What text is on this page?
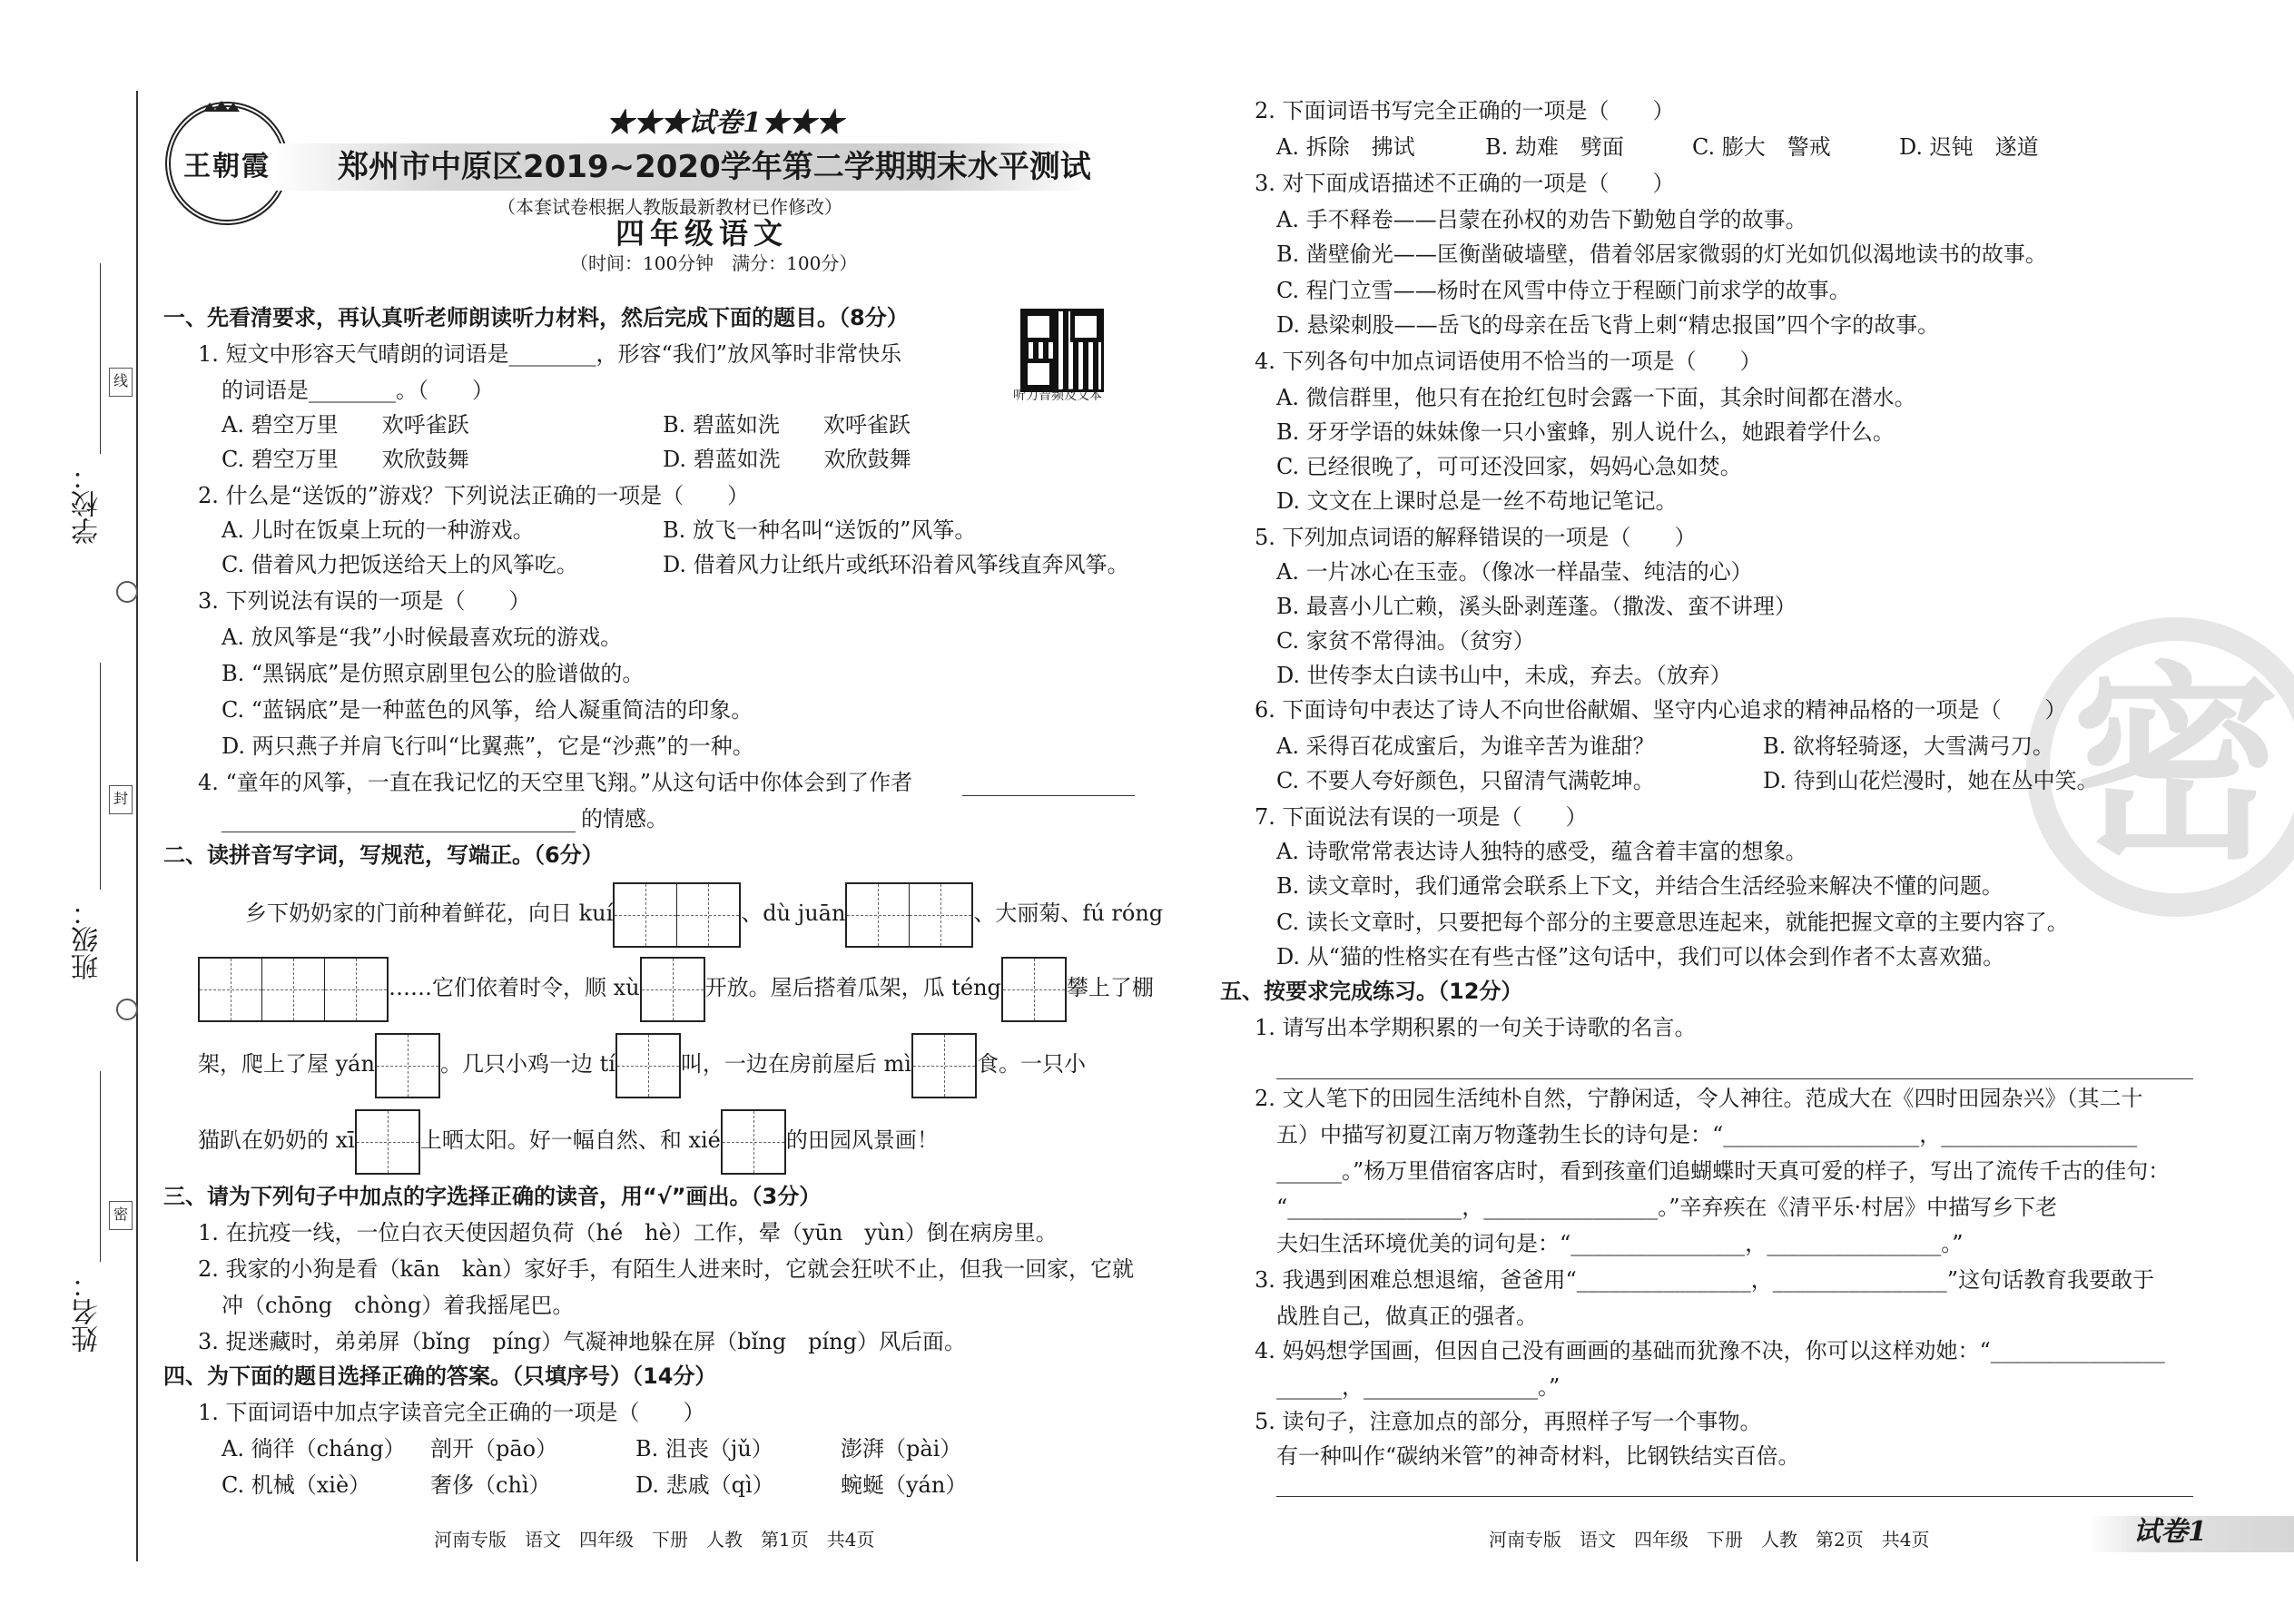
学校：
班级：
姓名：
线
封
密
王朝霞
★★★试卷1★★★
郑州市中原区2019~2020学年第二学期期末水平测试
（本套试卷根据人教版最新教材已作修改）
四年级语文
（时间：100分钟　满分：100分）
听力音频及文本
一、先看清要求，再认真听老师朗读听力材料，然后完成下面的题目。（8分）
1. 短文中形容天气晴朗的词语是________，形容“我们”放风筝时非常快乐
的词语是________。（　　）
A. 碧空万里　　欢呼雀跃	B. 碧蓝如洗　　欢呼雀跃
C. 碧空万里　　欢欣鼓舞	D. 碧蓝如洗　　欢欣鼓舞
2. 什么是“送饭的”游戏？下列说法正确的一项是（　　）
A. 儿时在饭桌上玩的一种游戏。	B. 放飞一种名叫“送饭的”风筝。
C. 借着风力把饭送给天上的风筝吃。	D. 借着风力让纸片或纸环沿着风筝线直奔风筝。
3. 下列说法有误的一项是（　　）
A. 放风筝是“我”小时候最喜欢玩的游戏。
B. “黑锅底”是仿照京剧里包公的脸谱做的。
C. “蓝锅底”是一种蓝色的风筝，给人凝重简洁的印象。
D. 两只燕子并肩飞行叫“比翼燕”，它是“沙燕”的一种。
4. “童年的风筝，一直在我记忆的天空里飞翔。”从这句话中你体会到了作者
的情感。
二、读拼音写字词，写规范，写端正。（6分）
乡下奶奶家的门前种着鲜花，向日 kuí	、dù juān	、大丽菊、fú róng
……它们依着时令，顺 xù	开放。屋后搭着瓜架，瓜 téng	攀上了棚
架，爬上了屋 yán	。几只小鸡一边 tí	叫，一边在房前屋后 mì	食。一只小
猫趴在奶奶的 xī	上晒太阳。好一幅自然、和 xié	的田园风景画！
三、请为下列句子中加点的字选择正确的读音，用“√”画出。（3分）
1. 在抗疫一线，一位白衣天使因超负荷（hé　hè）工作，晕（yūn　yùn）倒在病房里。
2. 我家的小狗是看（kān　kàn）家好手，有陌生人进来时，它就会狂吠不止，但我一回家，它就
冲（chōng　chòng）着我摇尾巴。
3. 捉迷藏时，弟弟屏（bǐng　píng）气凝神地躲在屏（bǐng　píng）风后面。
四、为下面的题目选择正确的答案。（只填序号）（14分）
1. 下面词语中加点字读音完全正确的一项是（　　）
A. 徜徉（cháng） 剖开（pāo）	B. 沮丧（jǔ）	澎湃（pài）
C. 机械（xiè）	奢侈（chì）	D. 悲戚（qì）	蜿蜒（yán）
河南专版　语文　四年级　下册　人教　第1页　共4页
密
2. 下面词语书写完全正确的一项是（　　）
A. 拆除　拂试	B. 劫难　劈面	C. 膨大　警戒	D. 迟钝　遂道
3. 对下面成语描述不正确的一项是（　　）
A. 手不释卷——吕蒙在孙权的劝告下勤勉自学的故事。
B. 凿壁偷光——匡衡凿破墙壁，借着邻居家微弱的灯光如饥似渴地读书的故事。
C. 程门立雪——杨时在风雪中侍立于程颐门前求学的故事。
D. 悬梁刺股——岳飞的母亲在岳飞背上刺“精忠报国”四个字的故事。
4. 下列各句中加点词语使用不恰当的一项是（　　）
A. 微信群里，他只有在抢红包时会露一下面，其余时间都在潜水。
B. 牙牙学语的妹妹像一只小蜜蜂，别人说什么，她跟着学什么。
C. 已经很晚了，可可还没回家，妈妈心急如焚。
D. 文文在上课时总是一丝不苟地记笔记。
5. 下列加点词语的解释错误的一项是（　　）
A. 一片冰心在玉壶。（像冰一样晶莹、纯洁的心）
B. 最喜小儿亡赖，溪头卧剥莲蓬。（撒泼、蛮不讲理）
C. 家贫不常得油。（贫穷）
D. 世传李太白读书山中，未成，弃去。（放弃）
6. 下面诗句中表达了诗人不向世俗献媚、坚守内心追求的精神品格的一项是（　　）
A. 采得百花成蜜后，为谁辛苦为谁甜？	B. 欲将轻骑逐，大雪满弓刀。
C. 不要人夸好颜色，只留清气满乾坤。	D. 待到山花烂漫时，她在丛中笑。
7. 下面说法有误的一项是（　　）
A. 诗歌常常表达诗人独特的感受，蕴含着丰富的想象。
B. 读文章时，我们通常会联系上下文，并结合生活经验来解决不懂的问题。
C. 读长文章时，只要把每个部分的主要意思连起来，就能把握文章的主要内容了。
D. 从“猫的性格实在有些古怪”这句话中，我们可以体会到作者不太喜欢猫。
五、按要求完成练习。（12分）
1. 请写出本学期积累的一句关于诗歌的名言。
2. 文人笔下的田园生活纯朴自然，宁静闲适，令人神往。范成大在《四时田园杂兴》（其二十
五）中描写初夏江南万物蓬勃生长的诗句是：“__________________，__________________
______。”杨万里借宿客店时，看到孩童们追蝴蝶时天真可爱的样子，写出了流传千古的佳句：
“________________，________________。”辛弃疾在《清平乐·村居》中描写乡下老
夫妇生活环境优美的词句是：“________________，________________。”
3. 我遇到困难总想退缩，爸爸用“________________，________________”这句话教育我要敢于
战胜自己，做真正的强者。
4. 妈妈想学国画，但因自己没有画画的基础而犹豫不决，你可以这样劝她：“________________
______，________________。”
5. 读句子，注意加点的部分，再照样子写一个事物。
有一种叫作“碳纳米管”的神奇材料，比钢铁结实百倍。
河南专版　语文　四年级　下册　人教　第2页　共4页	试卷1
